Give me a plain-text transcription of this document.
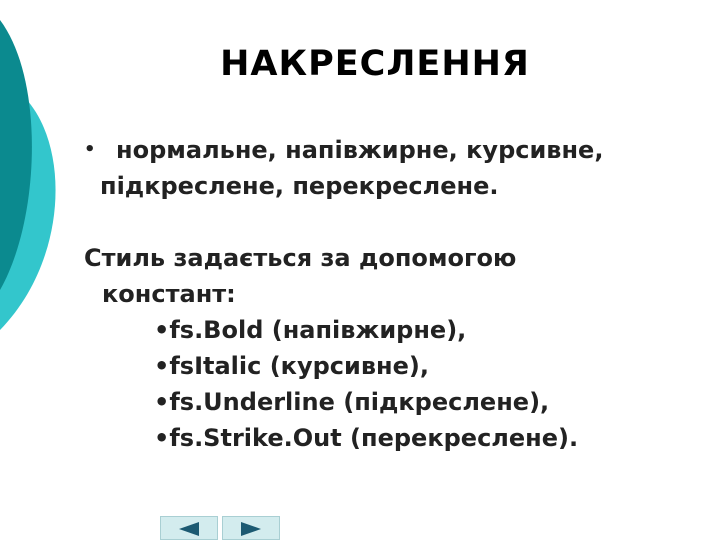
НАКРЕСЛЕННЯ
• нормальне, напівжирне, курсивне,
підкреслене, перекреслене.
Стиль задається за допомогою
констант:
•fs.Bold (напівжирне),
•fsItalic (курсивне),
•fs.Underline (підкреслене),
•fs.Strike.Out (перекреслене).
